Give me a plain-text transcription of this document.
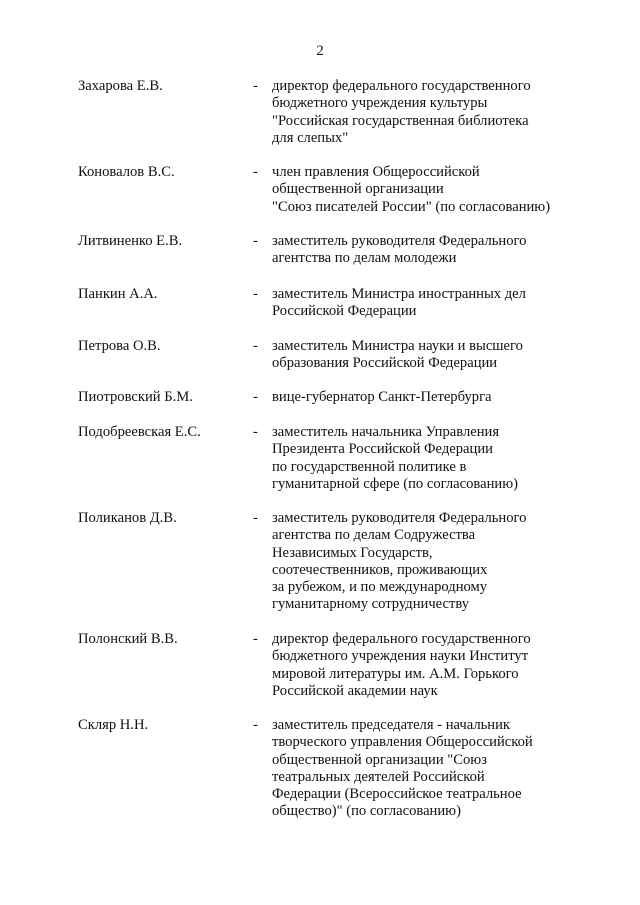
2
Захарова Е.В.	- директор федерального государственного
бюджетного учреждения культуры
"Российская государственная библиотека
для слепых"
Коновалов В.С.	- член правления Общероссийской
общественной организации
"Союз писателей России" (по согласованию)
Литвиненко Е.В.	- заместитель руководителя Федерального
агентства по делам молодежи
Панкин А.А.	- заместитель Министра иностранных дел
Российской Федерации
Петрова О.В.	- заместитель Министра науки и высшего
образования Российской Федерации
Пиотровский Б.М.	- вице-губернатор Санкт-Петербурга
Подобреевская Е.С.	- заместитель начальника Управления
Президента Российской Федерации
по государственной политике в
гуманитарной сфере (по согласованию)
Поликанов Д.В.	- заместитель руководителя Федерального
агентства по делам Содружества
Независимых Государств,
соотечественников, проживающих
за рубежом, и по международному
гуманитарному сотрудничеству
Полонский В.В.	- директор федерального государственного
бюджетного учреждения науки Институт
мировой литературы им. А.М. Горького
Российской академии наук
Скляр Н.Н.	- заместитель председателя - начальник
творческого управления Общероссийской
общественной организации "Союз
театральных деятелей Российской
Федерации (Всероссийское театральное
общество)" (по согласованию)
